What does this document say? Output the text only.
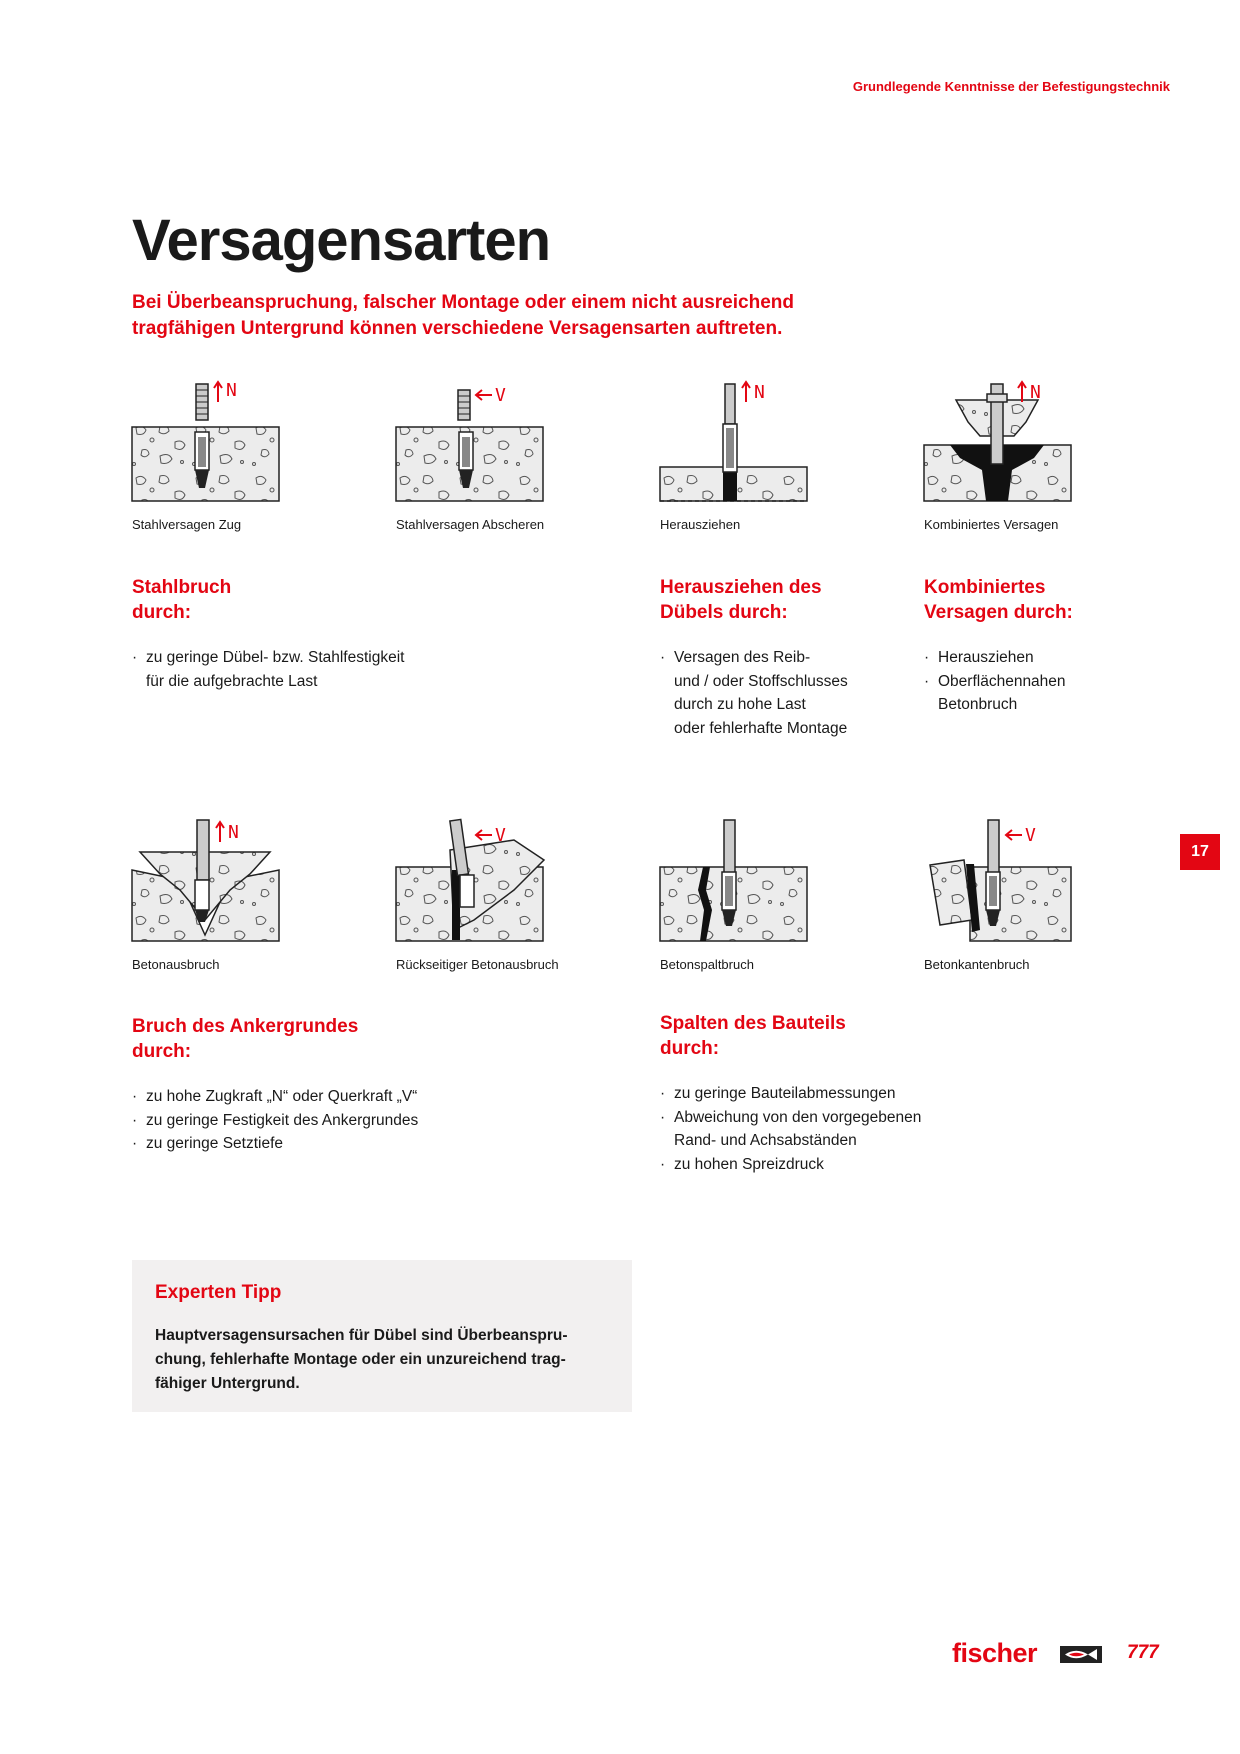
Grundlegende Kenntnisse der Befestigungstechnik
Versagensarten

Bei Überbeanspruchung, falscher Montage oder einem nicht ausreichend tragfähigen Untergrund können verschiedene Versagensarten auftreten.

N
Stahlversagen Zug
V
Stahlversagen Abscheren
N
Herausziehen
N
Kombiniertes Versagen
Stahlbruch
durch:
· zu geringe Dübel- bzw. Stahlfestigkeit
für die aufgebrachte Last
Herausziehen des
Dübels durch:
· Versagen des Reib-
und / oder Stoffschlusses
durch zu hohe Last
oder fehlerhafte Montage
Kombiniertes
Versagen durch:
· Herausziehen
· Oberflächennahen
Betonbruch
N
Betonausbruch
V
Rückseitiger Betonausbruch	Betonspaltbruch
V
Betonkantenbruch
Bruch des Ankergrundes
durch:
· zu hohe Zugkraft „N“ oder Querkraft „V“
· zu geringe Festigkeit des Ankergrundes
· zu geringe Setztiefe
Spalten des Bauteils
durch:
· zu geringe Bauteilabmessungen
· Abweichung von den vorgegebenen
Rand- und Achsabständen
· zu hohen Spreizdruck
17
Experten Tipp
Hauptversagensursachen für Dübel sind Überbeanspru-
chung, fehlerhafte Montage oder ein unzureichend trag-
fähiger Untergrund.
fischer	777
